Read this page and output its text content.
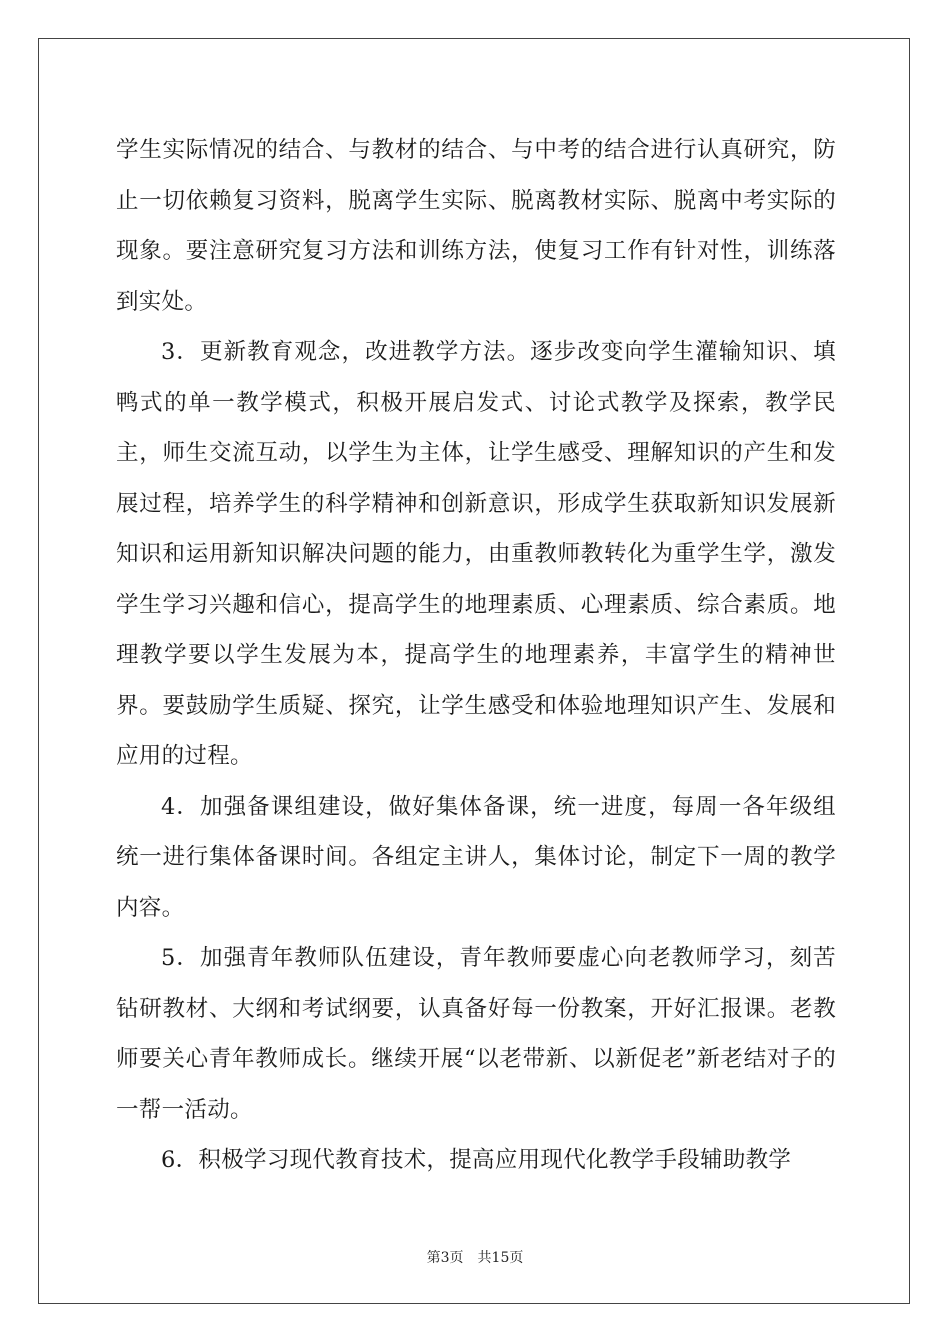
学生实际情况的结合、与教材的结合、与中考的结合进行认真研究，防止一切依赖复习资料，脱离学生实际、脱离教材实际、脱离中考实际的现象。要注意研究复习方法和训练方法，使复习工作有针对性，训练落到实处。

3．更新教育观念，改进教学方法。逐步改变向学生灌输知识、填鸭式的单一教学模式，积极开展启发式、讨论式教学及探索，教学民主，师生交流互动，以学生为主体，让学生感受、理解知识的产生和发展过程，培养学生的科学精神和创新意识，形成学生获取新知识发展新知识和运用新知识解决问题的能力，由重教师教转化为重学生学，激发学生学习兴趣和信心，提高学生的地理素质、心理素质、综合素质。地理教学要以学生发展为本，提高学生的地理素养，丰富学生的精神世界。要鼓励学生质疑、探究，让学生感受和体验地理知识产生、发展和应用的过程。

4．加强备课组建设，做好集体备课，统一进度，每周一各年级组统一进行集体备课时间。各组定主讲人，集体讨论，制定下一周的教学内容。

5．加强青年教师队伍建设，青年教师要虚心向老教师学习，刻苦钻研教材、大纲和考试纲要，认真备好每一份教案，开好汇报课。老教师要关心青年教师成长。继续开展“以老带新、以新促老”新老结对子的一帮一活动。

6．积极学习现代教育技术，提高应用现代化教学手段辅助教学

第3页 共15页
